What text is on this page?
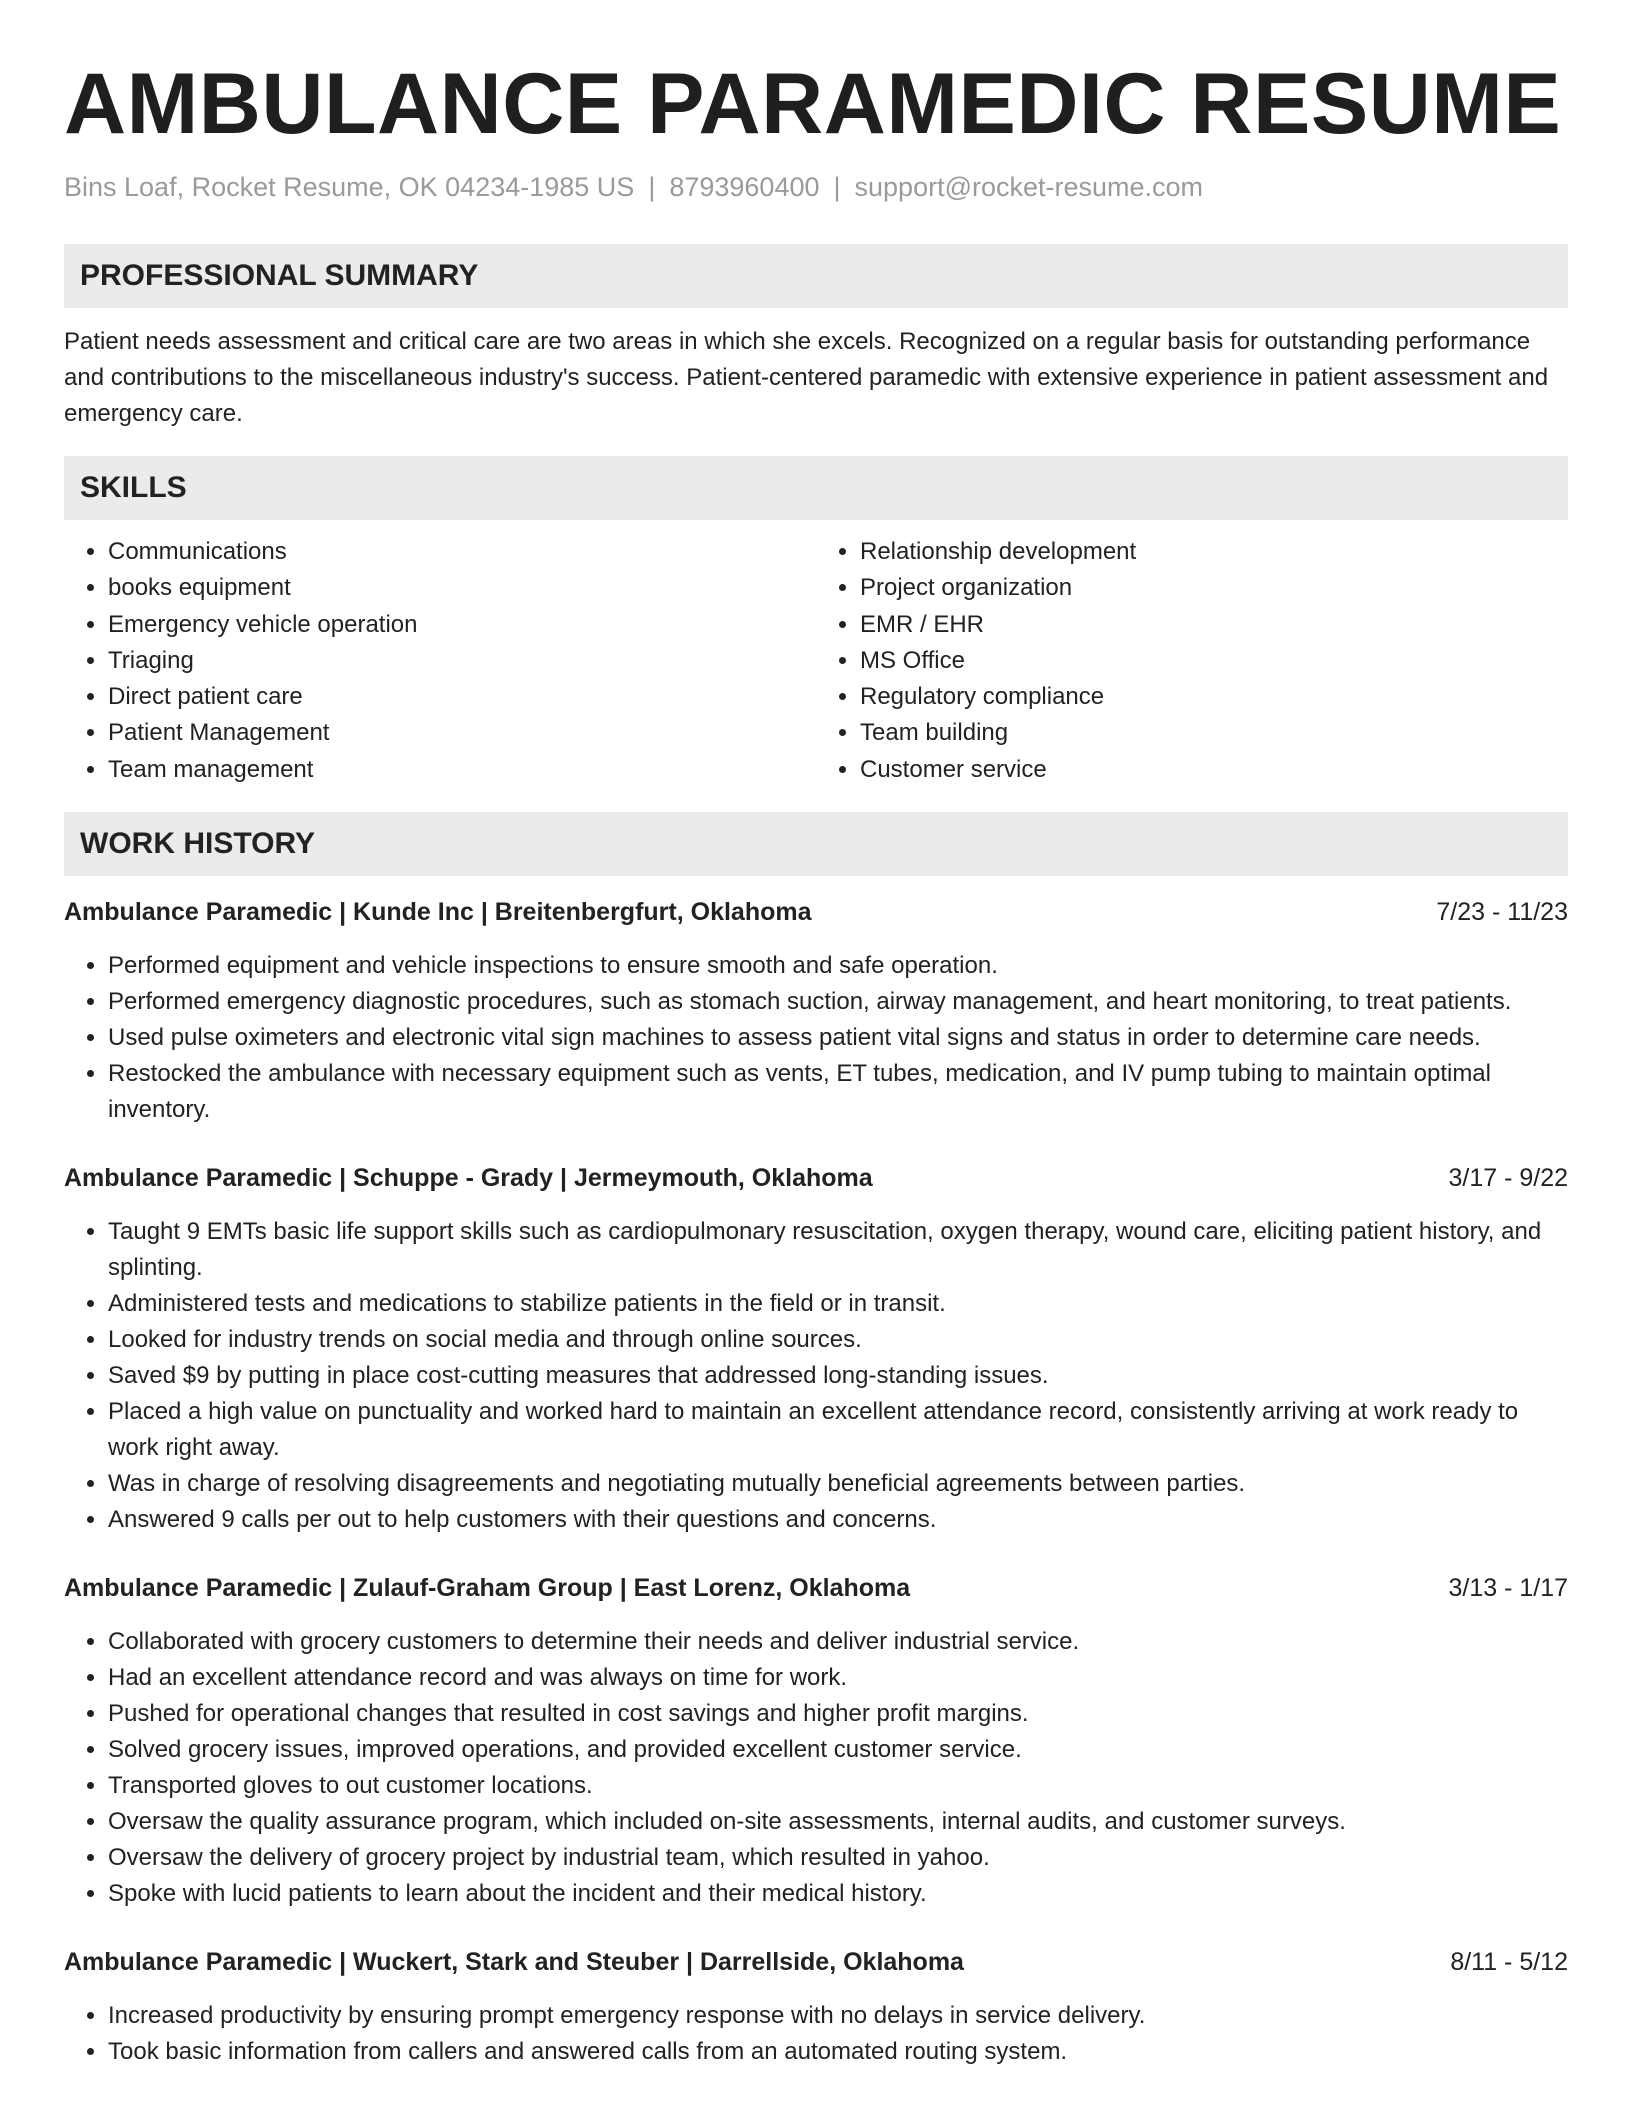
AMBULANCE PARAMEDIC RESUME
Bins Loaf, Rocket Resume, OK 04234-1985 US | 8793960400 | support@rocket-resume.com
PROFESSIONAL SUMMARY

Patient needs assessment and critical care are two areas in which she excels. Recognized on a regular basis for outstanding performance and contributions to the miscellaneous industry's success. Patient-centered paramedic with extensive experience in patient assessment and emergency care.

SKILLS
• Communications
• books equipment
• Emergency vehicle operation
• Triaging
• Direct patient care
• Patient Management
• Team management
• Relationship development
• Project organization
• EMR / EHR
• MS Office
• Regulatory compliance
• Team building
• Customer service
WORK HISTORY
Ambulance Paramedic | Kunde Inc | Breitenbergfurt, Oklahoma	7/23 - 11/23
• Performed equipment and vehicle inspections to ensure smooth and safe operation.
• Performed emergency diagnostic procedures, such as stomach suction, airway management, and heart monitoring, to treat patients.
• Used pulse oximeters and electronic vital sign machines to assess patient vital signs and status in order to determine care needs.
• Restocked the ambulance with necessary equipment such as vents, ET tubes, medication, and IV pump tubing to maintain optimal inventory.
Ambulance Paramedic | Schuppe - Grady | Jermeymouth, Oklahoma	3/17 - 9/22
• Taught 9 EMTs basic life support skills such as cardiopulmonary resuscitation, oxygen therapy, wound care, eliciting patient history, and splinting.
• Administered tests and medications to stabilize patients in the field or in transit.
• Looked for industry trends on social media and through online sources.
• Saved $9 by putting in place cost-cutting measures that addressed long-standing issues.
• Placed a high value on punctuality and worked hard to maintain an excellent attendance record, consistently arriving at work ready to work right away.
• Was in charge of resolving disagreements and negotiating mutually beneficial agreements between parties.
• Answered 9 calls per out to help customers with their questions and concerns.
Ambulance Paramedic | Zulauf-Graham Group | East Lorenz, Oklahoma	3/13 - 1/17
• Collaborated with grocery customers to determine their needs and deliver industrial service.
• Had an excellent attendance record and was always on time for work.
• Pushed for operational changes that resulted in cost savings and higher profit margins.
• Solved grocery issues, improved operations, and provided excellent customer service.
• Transported gloves to out customer locations.
• Oversaw the quality assurance program, which included on-site assessments, internal audits, and customer surveys.
• Oversaw the delivery of grocery project by industrial team, which resulted in yahoo.
• Spoke with lucid patients to learn about the incident and their medical history.
Ambulance Paramedic | Wuckert, Stark and Steuber | Darrellside, Oklahoma	8/11 - 5/12
• Increased productivity by ensuring prompt emergency response with no delays in service delivery.
• Took basic information from callers and answered calls from an automated routing system.
